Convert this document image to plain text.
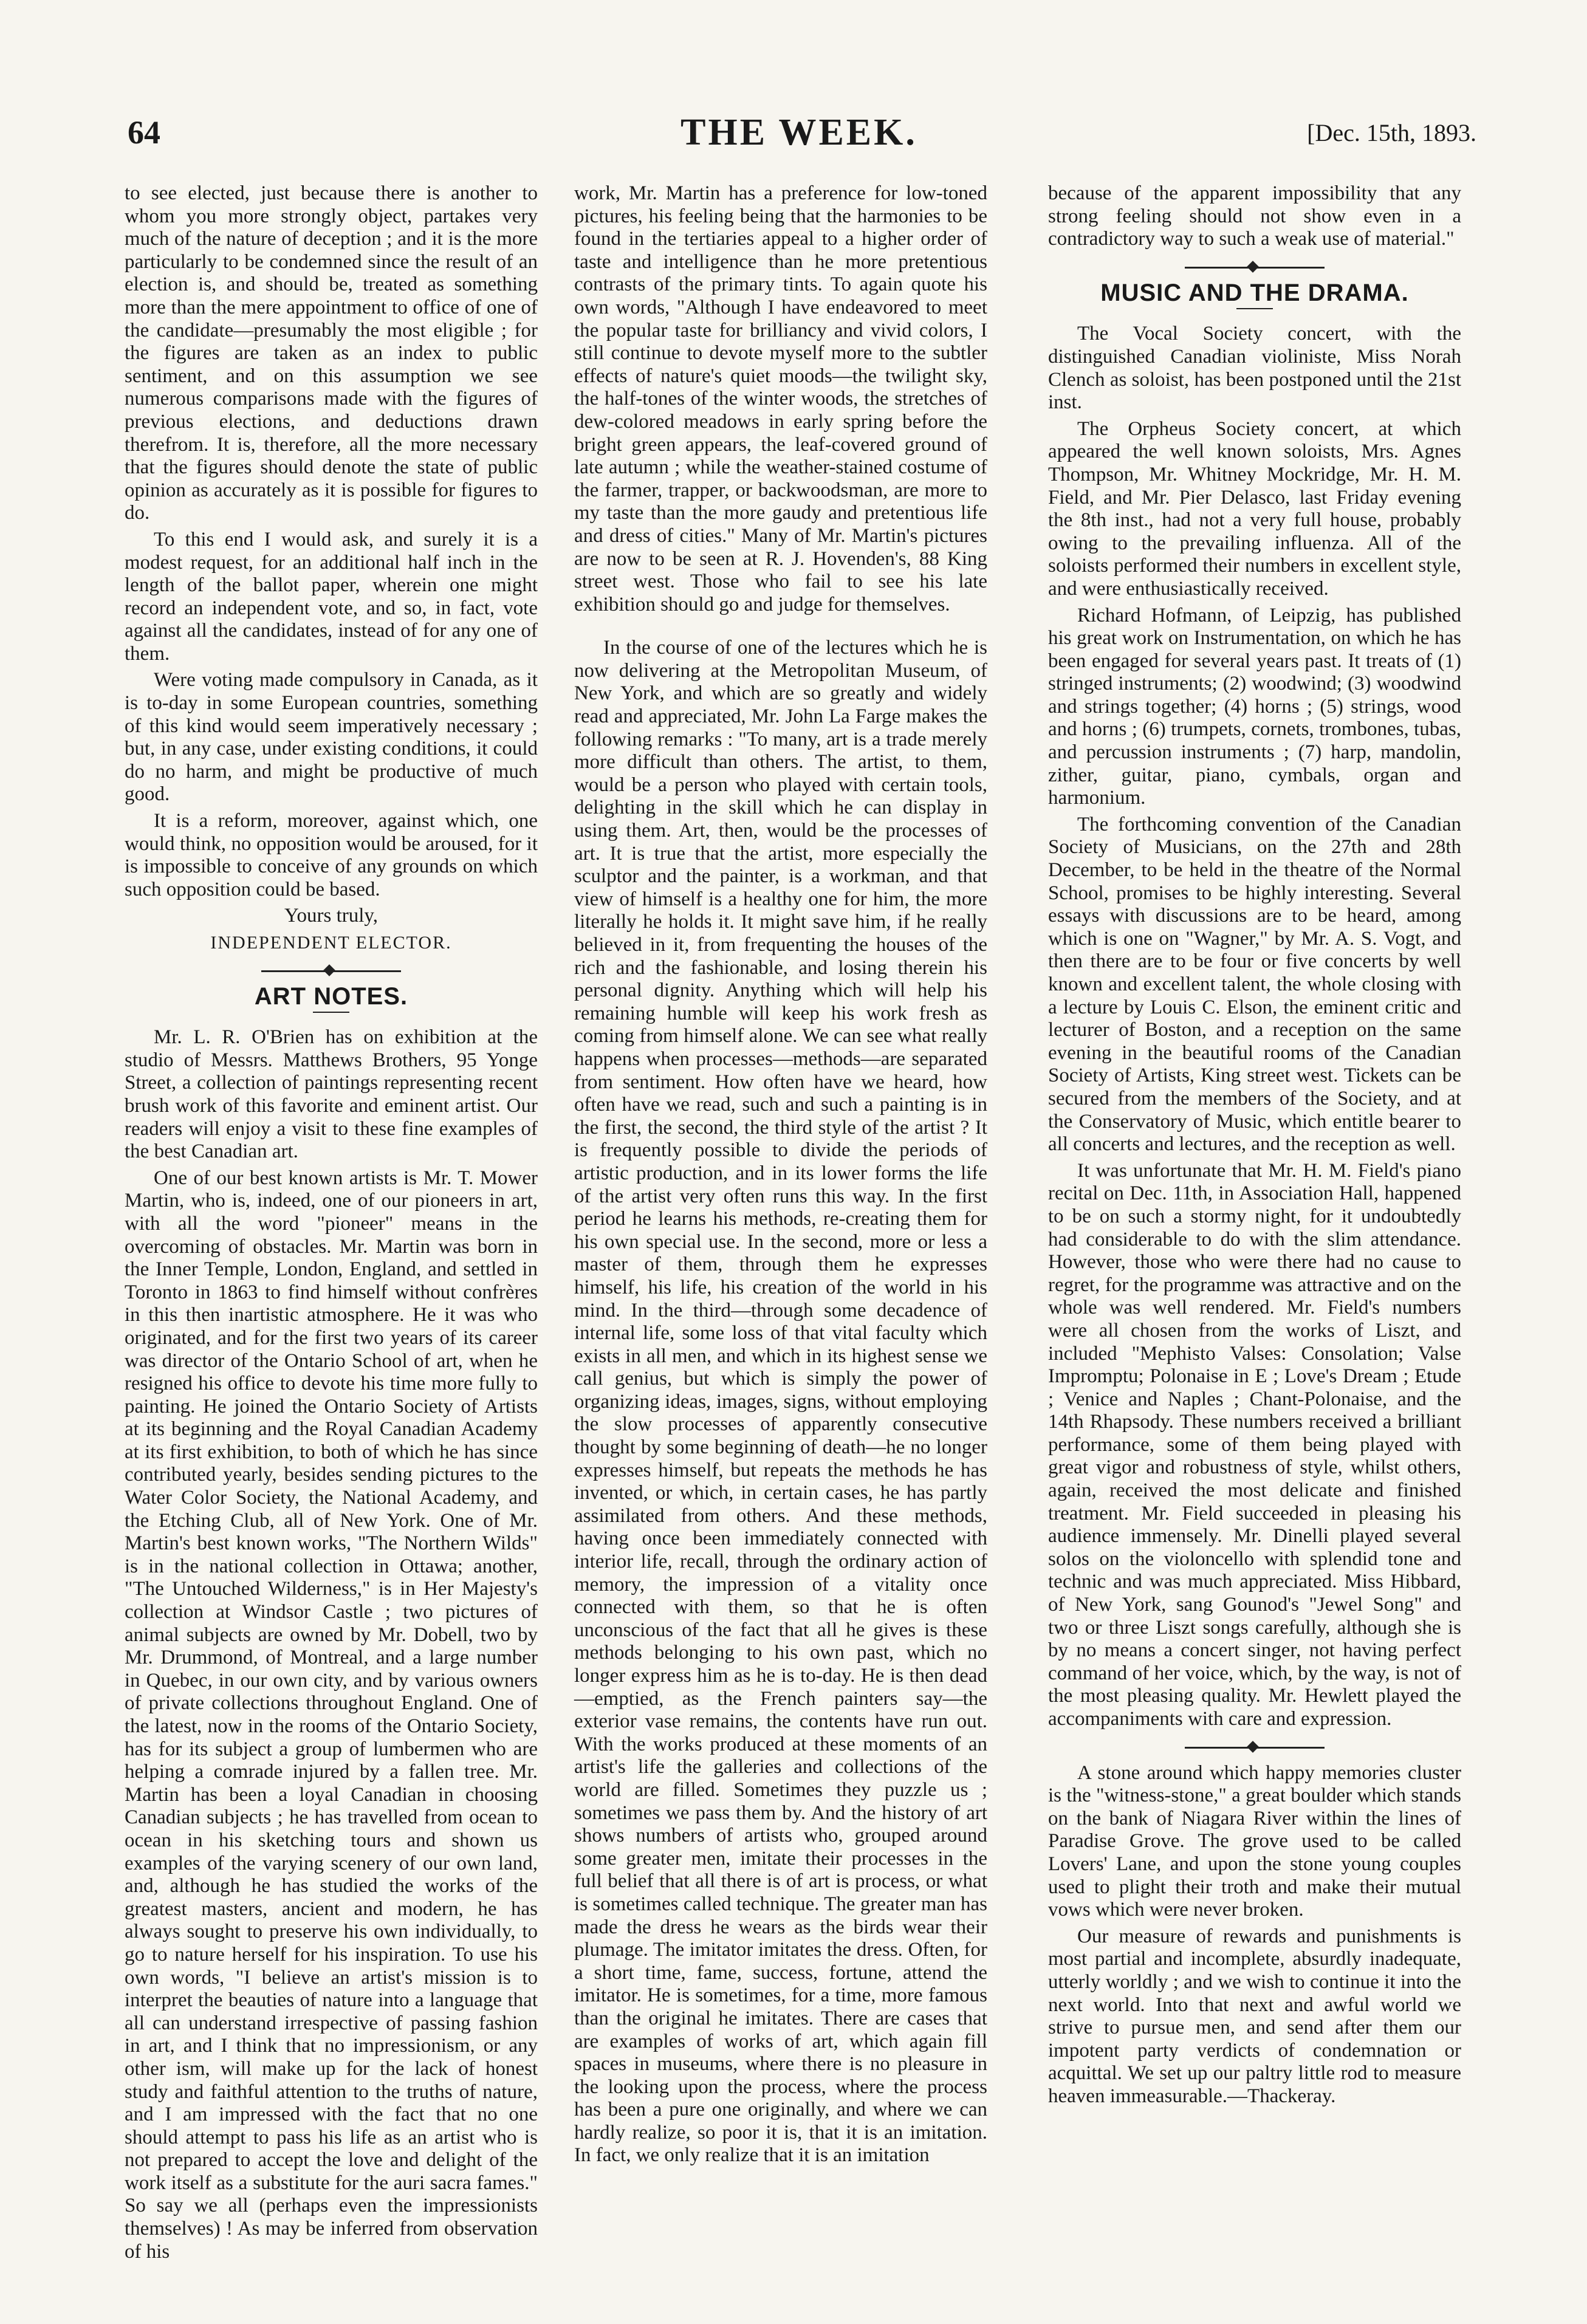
64	THE WEEK.	[Dec. 15th, 1893.

to see elected, just because there is another to whom you more strongly object, partakes very much of the nature of deception ; and it is the more particularly to be condemned since the result of an election is, and should be, treated as something more than the mere appointment to office of one of the candidate—presumably the most eligible ; for the figures are taken as an index to public sentiment, and on this assumption we see numerous comparisons made with the figures of previous elections, and deductions drawn therefrom. It is, therefore, all the more necessary that the figures should denote the state of public opinion as accurately as it is possible for figures to do.

To this end I would ask, and surely it is a modest request, for an additional half inch in the length of the ballot paper, wherein one might record an independent vote, and so, in fact, vote against all the candidates, instead of for any one of them.

Were voting made compulsory in Canada, as it is to-day in some European countries, something of this kind would seem imperatively necessary ; but, in any case, under existing conditions, it could do no harm, and might be productive of much good.

It is a reform, moreover, against which, one would think, no opposition would be aroused, for it is impossible to conceive of any grounds on which such opposition could be based.

Yours truly,

INDEPENDENT ELECTOR.

ART NOTES.

Mr. L. R. O'Brien has on exhibition at the studio of Messrs. Matthews Brothers, 95 Yonge Street, a collection of paintings representing recent brush work of this favorite and eminent artist. Our readers will enjoy a visit to these fine examples of the best Canadian art.

One of our best known artists is Mr. T. Mower Martin, who is, indeed, one of our pioneers in art, with all the word "pioneer" means in the overcoming of obstacles. Mr. Martin was born in the Inner Temple, London, England, and settled in Toronto in 1863 to find himself without confrères in this then inartistic atmosphere. He it was who originated, and for the first two years of its career was director of the Ontario School of art, when he resigned his office to devote his time more fully to painting. He joined the Ontario Society of Artists at its beginning and the Royal Canadian Academy at its first exhibition, to both of which he has since contributed yearly, besides sending pictures to the Water Color Society, the National Academy, and the Etching Club, all of New York. One of Mr. Martin's best known works, "The Northern Wilds" is in the national collection in Ottawa; another, "The Untouched Wilderness," is in Her Majesty's collection at Windsor Castle ; two pictures of animal subjects are owned by Mr. Dobell, two by Mr. Drummond, of Montreal, and a large number in Quebec, in our own city, and by various owners of private collections throughout England. One of the latest, now in the rooms of the Ontario Society, has for its subject a group of lumbermen who are helping a comrade injured by a fallen tree. Mr. Martin has been a loyal Canadian in choosing Canadian subjects ; he has travelled from ocean to ocean in his sketching tours and shown us examples of the varying scenery of our own land, and, although he has studied the works of the greatest masters, ancient and modern, he has always sought to preserve his own individually, to go to nature herself for his inspiration. To use his own words, "I believe an artist's mission is to interpret the beauties of nature into a language that all can understand irrespective of passing fashion in art, and I think that no impressionism, or any other ism, will make up for the lack of honest study and faithful attention to the truths of nature, and I am impressed with the fact that no one should attempt to pass his life as an artist who is not prepared to accept the love and delight of the work itself as a substitute for the auri sacra fames." So say we all (perhaps even the impressionists themselves) ! As may be inferred from observation of his

work, Mr. Martin has a preference for low-toned pictures, his feeling being that the harmonies to be found in the tertiaries appeal to a higher order of taste and intelligence than he more pretentious contrasts of the primary tints. To again quote his own words, "Although I have endeavored to meet the popular taste for brilliancy and vivid colors, I still continue to devote myself more to the subtler effects of nature's quiet moods—the twilight sky, the half-tones of the winter woods, the stretches of dew-colored meadows in early spring before the bright green appears, the leaf-covered ground of late autumn ; while the weather-stained costume of the farmer, trapper, or backwoodsman, are more to my taste than the more gaudy and pretentious life and dress of cities." Many of Mr. Martin's pictures are now to be seen at R. J. Hovenden's, 88 King street west. Those who fail to see his late exhibition should go and judge for themselves.

In the course of one of the lectures which he is now delivering at the Metropolitan Museum, of New York, and which are so greatly and widely read and appreciated, Mr. John La Farge makes the following remarks : "To many, art is a trade merely more difficult than others. The artist, to them, would be a person who played with certain tools, delighting in the skill which he can display in using them. Art, then, would be the processes of art. It is true that the artist, more especially the sculptor and the painter, is a workman, and that view of himself is a healthy one for him, the more literally he holds it. It might save him, if he really believed in it, from frequenting the houses of the rich and the fashionable, and losing therein his personal dignity. Anything which will help his remaining humble will keep his work fresh as coming from himself alone. We can see what really happens when processes—methods—are separated from sentiment. How often have we heard, how often have we read, such and such a painting is in the first, the second, the third style of the artist ? It is frequently possible to divide the periods of artistic production, and in its lower forms the life of the artist very often runs this way. In the first period he learns his methods, re-creating them for his own special use. In the second, more or less a master of them, through them he expresses himself, his life, his creation of the world in his mind. In the third—through some decadence of internal life, some loss of that vital faculty which exists in all men, and which in its highest sense we call genius, but which is simply the power of organizing ideas, images, signs, without employing the slow processes of apparently consecutive thought by some beginning of death—he no longer expresses himself, but repeats the methods he has invented, or which, in certain cases, he has partly assimilated from others. And these methods, having once been immediately connected with interior life, recall, through the ordinary action of memory, the impression of a vitality once connected with them, so that he is often unconscious of the fact that all he gives is these methods belonging to his own past, which no longer express him as he is to-day. He is then dead —emptied, as the French painters say—the exterior vase remains, the contents have run out. With the works produced at these moments of an artist's life the galleries and collections of the world are filled. Sometimes they puzzle us ; sometimes we pass them by. And the history of art shows numbers of artists who, grouped around some greater men, imitate their processes in the full belief that all there is of art is process, or what is sometimes called technique. The greater man has made the dress he wears as the birds wear their plumage. The imitator imitates the dress. Often, for a short time, fame, success, fortune, attend the imitator. He is sometimes, for a time, more famous than the original he imitates. There are cases that are examples of works of art, which again fill spaces in museums, where there is no pleasure in the looking upon the process, where the process has been a pure one originally, and where we can hardly realize, so poor it is, that it is an imitation. In fact, we only realize that it is an imitation

because of the apparent impossibility that any strong feeling should not show even in a contradictory way to such a weak use of material."

MUSIC AND THE DRAMA.

The Vocal Society concert, with the distinguished Canadian violiniste, Miss Norah Clench as soloist, has been postponed until the 21st inst.

The Orpheus Society concert, at which appeared the well known soloists, Mrs. Agnes Thompson, Mr. Whitney Mockridge, Mr. H. M. Field, and Mr. Pier Delasco, last Friday evening the 8th inst., had not a very full house, probably owing to the prevailing influenza. All of the soloists performed their numbers in excellent style, and were enthusiastically received.

Richard Hofmann, of Leipzig, has published his great work on Instrumentation, on which he has been engaged for several years past. It treats of (1) stringed instruments; (2) woodwind; (3) woodwind and strings together; (4) horns ; (5) strings, wood and horns ; (6) trumpets, cornets, trombones, tubas, and percussion instruments ; (7) harp, mandolin, zither, guitar, piano, cymbals, organ and harmonium.

The forthcoming convention of the Canadian Society of Musicians, on the 27th and 28th December, to be held in the theatre of the Normal School, promises to be highly interesting. Several essays with discussions are to be heard, among which is one on "Wagner," by Mr. A. S. Vogt, and then there are to be four or five concerts by well known and excellent talent, the whole closing with a lecture by Louis C. Elson, the eminent critic and lecturer of Boston, and a reception on the same evening in the beautiful rooms of the Canadian Society of Artists, King street west. Tickets can be secured from the members of the Society, and at the Conservatory of Music, which entitle bearer to all concerts and lectures, and the reception as well.

It was unfortunate that Mr. H. M. Field's piano recital on Dec. 11th, in Association Hall, happened to be on such a stormy night, for it undoubtedly had considerable to do with the slim attendance. However, those who were there had no cause to regret, for the programme was attractive and on the whole was well rendered. Mr. Field's numbers were all chosen from the works of Liszt, and included "Mephisto Valses: Consolation; Valse Impromptu; Polonaise in E ; Love's Dream ; Etude ; Venice and Naples ; Chant-Polonaise, and the 14th Rhapsody. These numbers received a brilliant performance, some of them being played with great vigor and robustness of style, whilst others, again, received the most delicate and finished treatment. Mr. Field succeeded in pleasing his audience immensely. Mr. Dinelli played several solos on the violoncello with splendid tone and technic and was much appreciated. Miss Hibbard, of New York, sang Gounod's "Jewel Song" and two or three Liszt songs carefully, although she is by no means a concert singer, not having perfect command of her voice, which, by the way, is not of the most pleasing quality. Mr. Hewlett played the accompaniments with care and expression.

A stone around which happy memories cluster is the "witness-stone," a great boulder which stands on the bank of Niagara River within the lines of Paradise Grove. The grove used to be called Lovers' Lane, and upon the stone young couples used to plight their troth and make their mutual vows which were never broken.

Our measure of rewards and punishments is most partial and incomplete, absurdly inadequate, utterly worldly ; and we wish to continue it into the next world. Into that next and awful world we strive to pursue men, and send after them our impotent party verdicts of condemnation or acquittal. We set up our paltry little rod to measure heaven immeasurable.—Thackeray.
